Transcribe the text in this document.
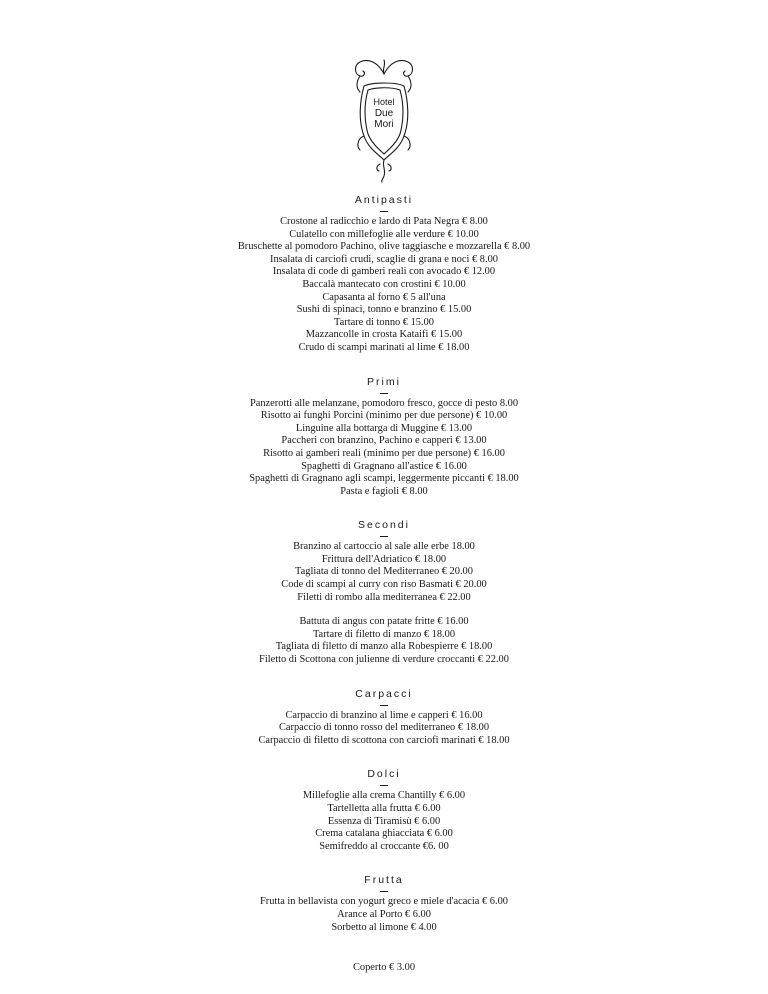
Hotel
Due
Mori
Antipasti
Crostone al radicchio e lardo di Pata Negra € 8.00
Culatello con millefoglie alle verdure € 10.00
Bruschette al pomodoro Pachino, olive taggiasche e mozzarella € 8.00
Insalata di carciofi crudi, scaglie di grana e noci € 8.00
Insalata di code di gamberi reali con avocado € 12.00
Baccalà mantecato con crostini € 10.00
Capasanta al forno € 5 all'una
Sushi di spinaci, tonno e branzino € 15.00
Tartare di tonno € 15.00
Mazzancolle in crosta Kataifi € 15.00
Crudo di scampi marinati al lime € 18.00
Primi
Panzerotti alle melanzane, pomodoro fresco, gocce di pesto 8.00
Risotto ai funghi Porcini (minimo per due persone) € 10.00
Linguine alla bottarga di Muggine € 13.00
Paccheri con branzino, Pachino e capperi € 13.00
Risotto ai gamberi reali (minimo per due persone) € 16.00
Spaghetti di Gragnano all'astice € 16.00
Spaghetti di Gragnano agli scampi, leggermente piccanti € 18.00
Pasta e fagioli € 8.00
Secondi
Branzino al cartoccio al sale alle erbe 18.00
Frittura dell'Adriatico € 18.00
Tagliata di tonno del Mediterraneo € 20.00
Code di scampi al curry con riso Basmati € 20.00
Filetti di rombo alla mediterranea € 22.00
Battuta di angus con patate fritte € 16.00
Tartare di filetto di manzo € 18.00
Tagliata di filetto di manzo alla Robespierre € 18.00
Filetto di Scottona con julienne di verdure croccanti € 22.00
Carpacci
Carpaccio di branzino al lime e capperi € 16.00
Carpaccio di tonno rosso del mediterraneo € 18.00
Carpaccio di filetto di scottona con carciofi marinati € 18.00
Dolci
Millefoglie alla crema Chantilly € 6.00
Tartelletta alla frutta € 6.00
Essenza di Tiramisù € 6.00
Crema catalana ghiacciata € 6.00
Semifreddo al croccante €6. 00
Frutta
Frutta in bellavista con yogurt greco e miele d'acacia € 6.00
Arance al Porto € 6.00
Sorbetto al limone € 4.00
Coperto € 3.00
